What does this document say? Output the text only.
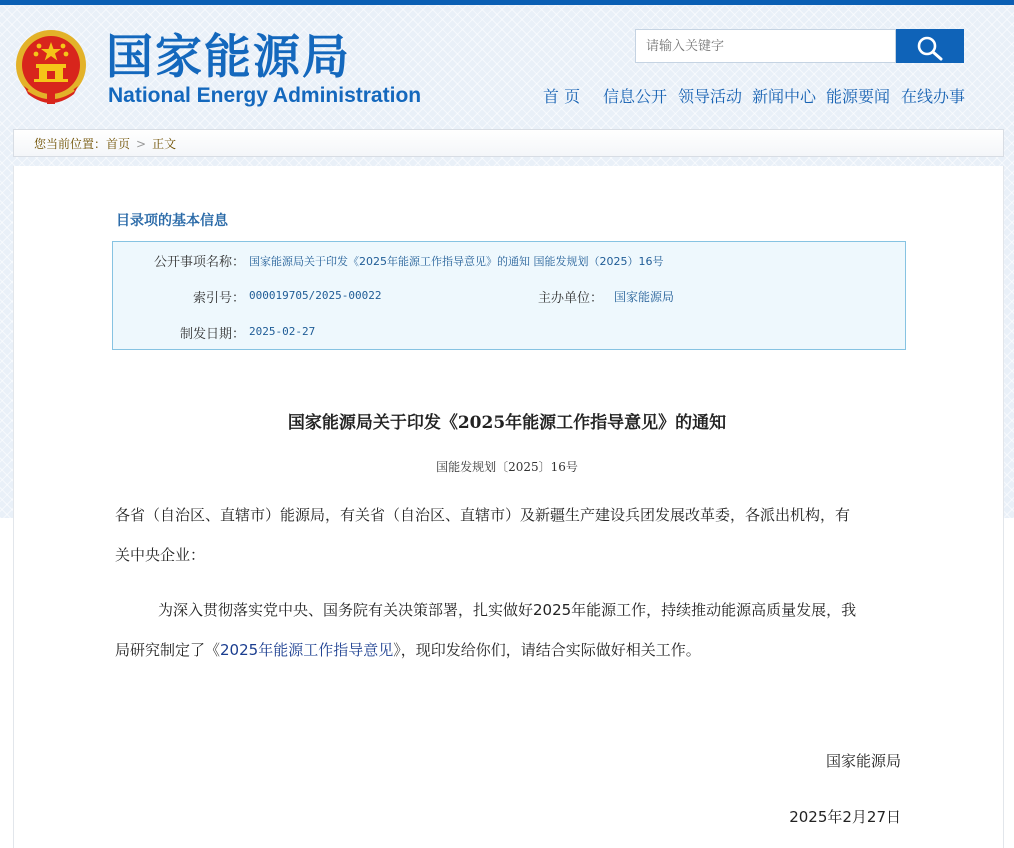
国家能源局
National Energy Administration
请输入关键字	首 页 信息公开 领导活动 新闻中心 能源要闻 在线办事
您当前位置：首页 > 正文
目录项的基本信息
公开事项名称： 国家能源局关于印发《2025年能源工作指导意见》的通知 国能发规划（2025）16号
索引号： 000019705/2025-00022	主办单位： 国家能源局
制发日期： 2025-02-27
国家能源局关于印发《2025年能源工作指导意见》的通知
国能发规划〔2025〕16号
各省（自治区、直辖市）能源局，有关省（自治区、直辖市）及新疆生产建设兵团发展改革委，各派出机构，有
关中央企业：
为深入贯彻落实党中央、国务院有关决策部署，扎实做好2025年能源工作，持续推动能源高质量发展，我
局研究制定了《2025年能源工作指导意见》，现印发给你们，请结合实际做好相关工作。
国家能源局
2025年2月27日
